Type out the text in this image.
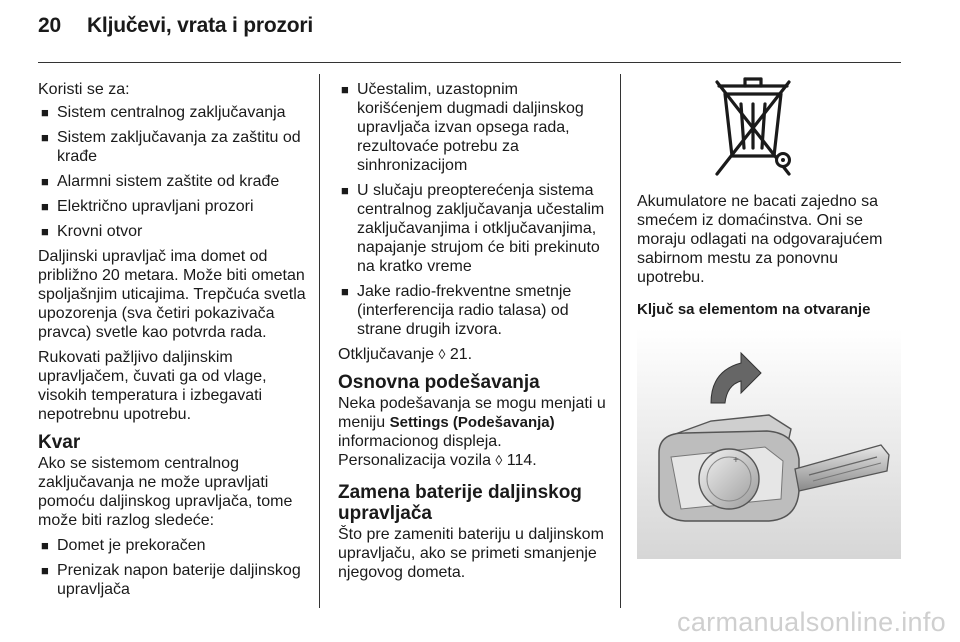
20 Ključevi, vrata i prozori

Koristi se za:

■ Sistem centralnog zaključavanja
■ Sistem zaključavanja za zaštitu od krađe
■ Alarmni sistem zaštite od krađe
■ Električno upravljani prozori
■ Krovni otvor

Daljinski upravljač ima domet od približno 20 metara. Može biti ometan spoljašnjim uticajima. Trepčuća svetla upozorenja (sva četiri pokazivača pravca) svetle kao potvrda rada.

Rukovati pažljivo daljinskim upravljačem, čuvati ga od vlage, visokih temperatura i izbegavati nepotrebnu upotrebu.

Kvar

Ako se sistemom centralnog zaključavanja ne može upravljati pomoću daljinskog upravljača, tome može biti razlog sledeće:

■ Domet je prekoračen
■ Prenizak napon baterije daljinskog upravljača
■ Učestalim, uzastopnim korišćenjem dugmadi daljinskog upravljača izvan opsega rada, rezultovaće potrebu za sinhronizacijom
■ U slučaju preopterećenja sistema centralnog zaključavanja učestalim zaključavanjima i otključavanjima, napajanje strujom će biti prekinuto na kratko vreme
■ Jake radio-frekventne smetnje (interferencija radio talasa) od strane drugih izvora.

Otključavanje ◊ 21.

Osnovna podešavanja

Neka podešavanja se mogu menjati u meniju Settings (Podešavanja) informacionog displeja.
Personalizacija vozila ◊ 114.

Zamena baterije daljinskog upravljača

Što pre zameniti bateriju u daljinskom upravljaču, ako se primeti smanjenje njegovog dometa.

Akumulatore ne bacati zajedno sa smećem iz domaćinstva. Oni se moraju odlagati na odgovarajućem sabirnom mestu za ponovnu upotrebu.

Ključ sa elementom na otvaranje
+
carmanualsonline.info
